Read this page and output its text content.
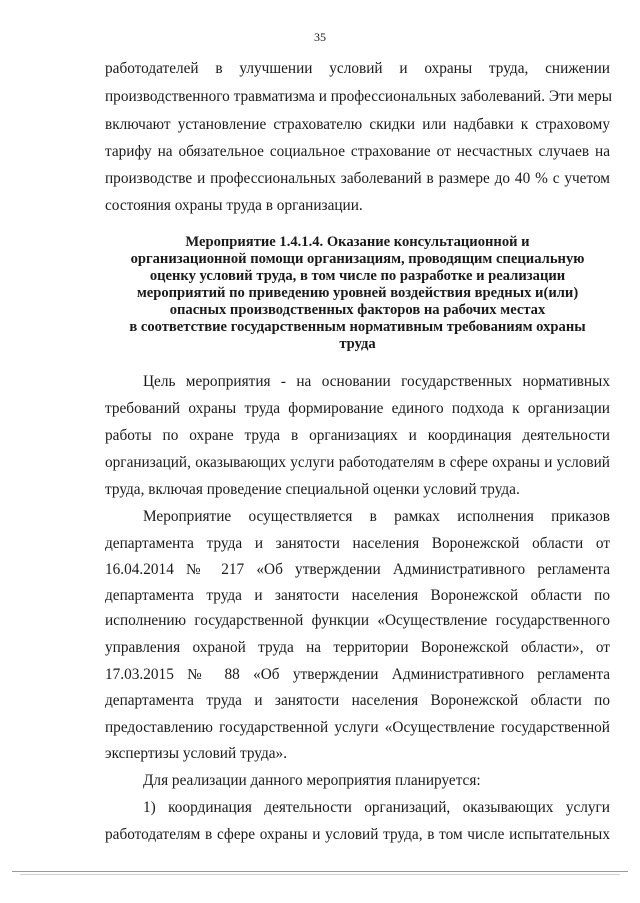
35
работодателей в улучшении условий и охраны труда, снижении
производственного травматизма и профессиональных заболеваний. Эти меры
включают установление страхователю скидки или надбавки к страховому
тарифу на обязательное социальное страхование от несчастных случаев на
производстве и профессиональных заболеваний в размере до 40 % с учетом
состояния охраны труда в организации.
Мероприятие 1.4.1.4. Оказание консультационной и
организационной помощи организациям, проводящим специальную
оценку условий труда, в том числе по разработке и реализации
мероприятий по приведению уровней воздействия вредных и(или)
опасных производственных факторов на рабочих местах
в соответствие государственным нормативным требованиям охраны
труда
Цель мероприятия - на основании государственных нормативных
требований охраны труда формирование единого подхода к организации
работы по охране труда в организациях и координация деятельности
организаций, оказывающих услуги работодателям в сфере охраны и условий
труда, включая проведение специальной оценки условий труда.
Мероприятие осуществляется в рамках исполнения приказов
департамента труда и занятости населения Воронежской области от
16.04.2014 № 217 «Об утверждении Административного регламента
департамента труда и занятости населения Воронежской области по
исполнению государственной функции «Осуществление государственного
управления охраной труда на территории Воронежской области», от
17.03.2015 № 88 «Об утверждении Административного регламента
департамента труда и занятости населения Воронежской области по
предоставлению государственной услуги «Осуществление государственной
экспертизы условий труда».
Для реализации данного мероприятия планируется:
1) координация деятельности организаций, оказывающих услуги
работодателям в сфере охраны и условий труда, в том числе испытательных
